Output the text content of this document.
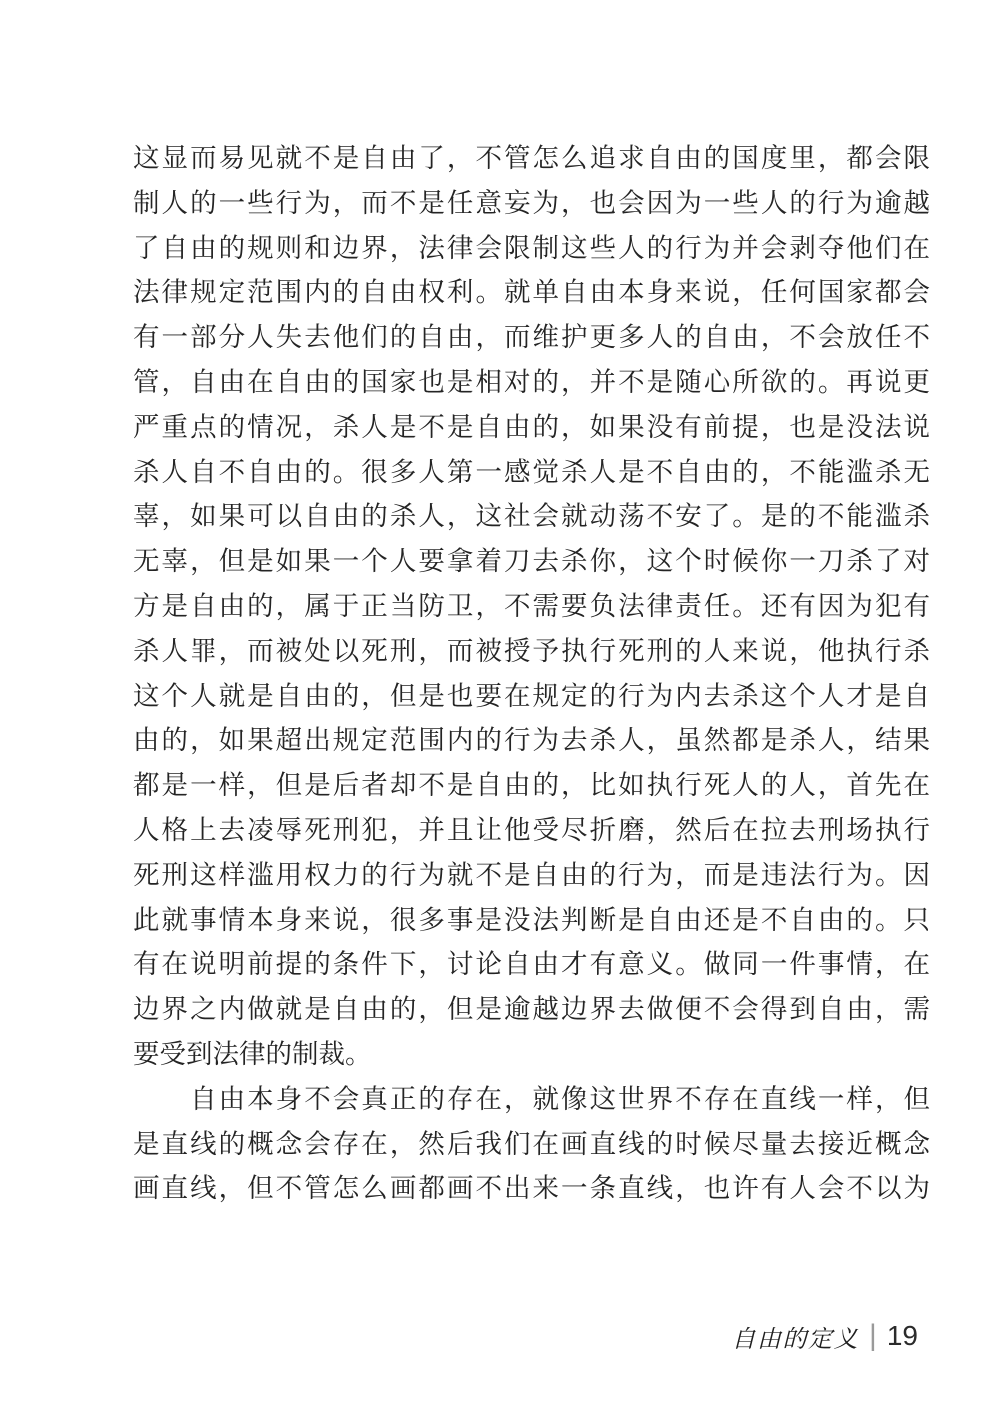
这显而易见就不是自由了，不管怎么追求自由的国度里，都会限
制人的一些行为，而不是任意妄为，也会因为一些人的行为逾越
了自由的规则和边界，法律会限制这些人的行为并会剥夺他们在
法律规定范围内的自由权利。就单自由本身来说，任何国家都会
有一部分人失去他们的自由，而维护更多人的自由，不会放任不
管，自由在自由的国家也是相对的，并不是随心所欲的。再说更
严重点的情况，杀人是不是自由的，如果没有前提，也是没法说
杀人自不自由的。很多人第一感觉杀人是不自由的，不能滥杀无
辜，如果可以自由的杀人，这社会就动荡不安了。是的不能滥杀
无辜，但是如果一个人要拿着刀去杀你，这个时候你一刀杀了对
方是自由的，属于正当防卫，不需要负法律责任。还有因为犯有
杀人罪，而被处以死刑，而被授予执行死刑的人来说，他执行杀
这个人就是自由的，但是也要在规定的行为内去杀这个人才是自
由的，如果超出规定范围内的行为去杀人，虽然都是杀人，结果
都是一样，但是后者却不是自由的，比如执行死人的人，首先在
人格上去凌辱死刑犯，并且让他受尽折磨，然后在拉去刑场执行
死刑这样滥用权力的行为就不是自由的行为，而是违法行为。因
此就事情本身来说，很多事是没法判断是自由还是不自由的。只
有在说明前提的条件下，讨论自由才有意义。做同一件事情，在
边界之内做就是自由的，但是逾越边界去做便不会得到自由，需
要受到法律的制裁。
　　自由本身不会真正的存在，就像这世界不存在直线一样，但
是直线的概念会存在，然后我们在画直线的时候尽量去接近概念
画直线，但不管怎么画都画不出来一条直线，也许有人会不以为
自由的定义 | 19
